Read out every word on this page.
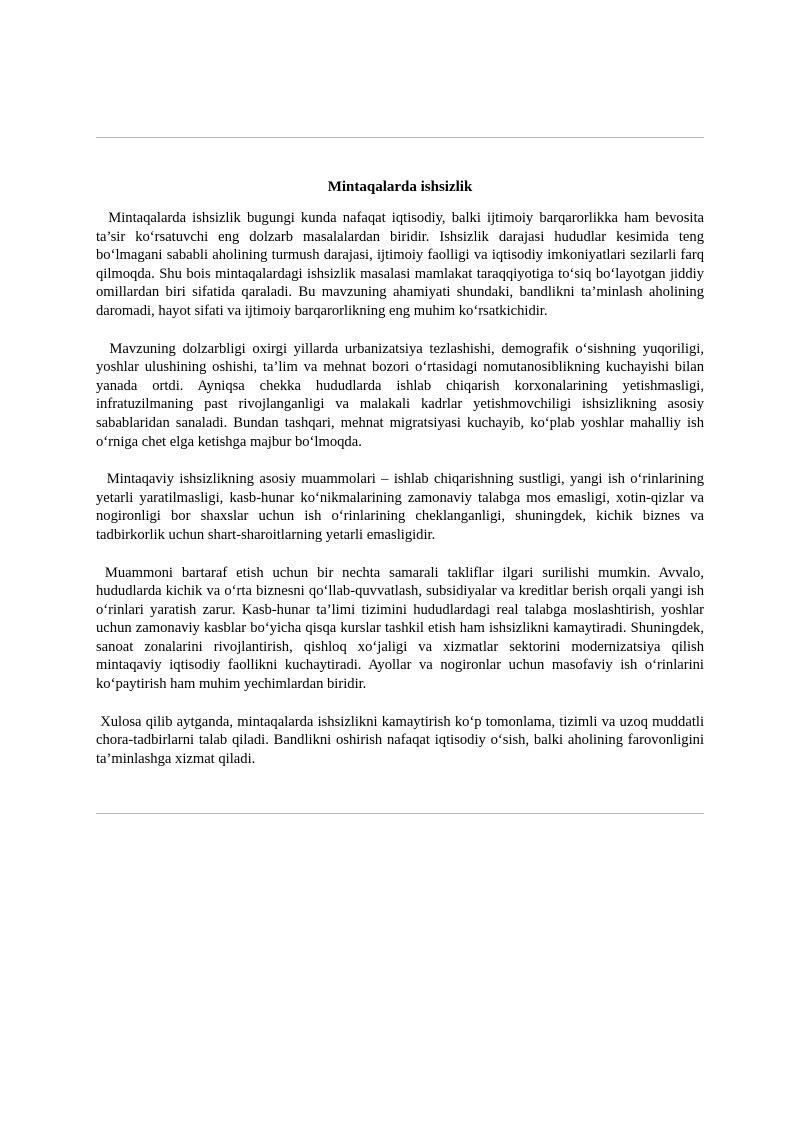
Mintaqalarda ishsizlik

Mintaqalarda ishsizlik bugungi kunda nafaqat iqtisodiy, balki ijtimoiy barqarorlikka ham bevosita ta’sir ko‘rsatuvchi eng dolzarb masalalardan biridir. Ishsizlik darajasi hududlar kesimida teng bo‘lmagani sababli aholining turmush darajasi, ijtimoiy faolligi va iqtisodiy imkoniyatlari sezilarli farq qilmoqda. Shu bois mintaqalardagi ishsizlik masalasi mamlakat taraqqiyotiga to‘siq bo‘layotgan jiddiy omillardan biri sifatida qaraladi. Bu mavzuning ahamiyati shundaki, bandlikni ta’minlash aholining daromadi, hayot sifati va ijtimoiy barqarorlikning eng muhim ko‘rsatkichidir.

Mavzuning dolzarbligi oxirgi yillarda urbanizatsiya tezlashishi, demografik o‘sishning yuqoriligi, yoshlar ulushining oshishi, ta’lim va mehnat bozori o‘rtasidagi nomutanosiblikning kuchayishi bilan yanada ortdi. Ayniqsa chekka hududlarda ishlab chiqarish korxonalarining yetishmasligi, infratuzilmaning past rivojlanganligi va malakali kadrlar yetishmovchiligi ishsizlikning asosiy sabablaridan sanaladi. Bundan tashqari, mehnat migratsiyasi kuchayib, ko‘plab yoshlar mahalliy ish o‘rniga chet elga ketishga majbur bo‘lmoqda.

Mintaqaviy ishsizlikning asosiy muammolari – ishlab chiqarishning sustligi, yangi ish o‘rinlarining yetarli yaratilmasligi, kasb-hunar ko‘nikmalarining zamonaviy talabga mos emasligi, xotin-qizlar va nogironligi bor shaxslar uchun ish o‘rinlarining cheklanganligi, shuningdek, kichik biznes va tadbirkorlik uchun shart-sharoitlarning yetarli emasligidir.

Muammoni bartaraf etish uchun bir nechta samarali takliflar ilgari surilishi mumkin. Avvalo, hududlarda kichik va o‘rta biznesni qo‘llab-quvvatlash, subsidiyalar va kreditlar berish orqali yangi ish o‘rinlari yaratish zarur. Kasb-hunar ta’limi tizimini hududlardagi real talabga moslashtirish, yoshlar uchun zamonaviy kasblar bo‘yicha qisqa kurslar tashkil etish ham ishsizlikni kamaytiradi. Shuningdek, sanoat zonalarini rivojlantirish, qishloq xo‘jaligi va xizmatlar sektorini modernizatsiya qilish mintaqaviy iqtisodiy faollikni kuchaytiradi. Ayollar va nogironlar uchun masofaviy ish o‘rinlarini ko‘paytirish ham muhim yechimlardan biridir.

Xulosa qilib aytganda, mintaqalarda ishsizlikni kamaytirish ko‘p tomonlama, tizimli va uzoq muddatli chora-tadbirlarni talab qiladi. Bandlikni oshirish nafaqat iqtisodiy o‘sish, balki aholining farovonligini ta’minlashga xizmat qiladi.
